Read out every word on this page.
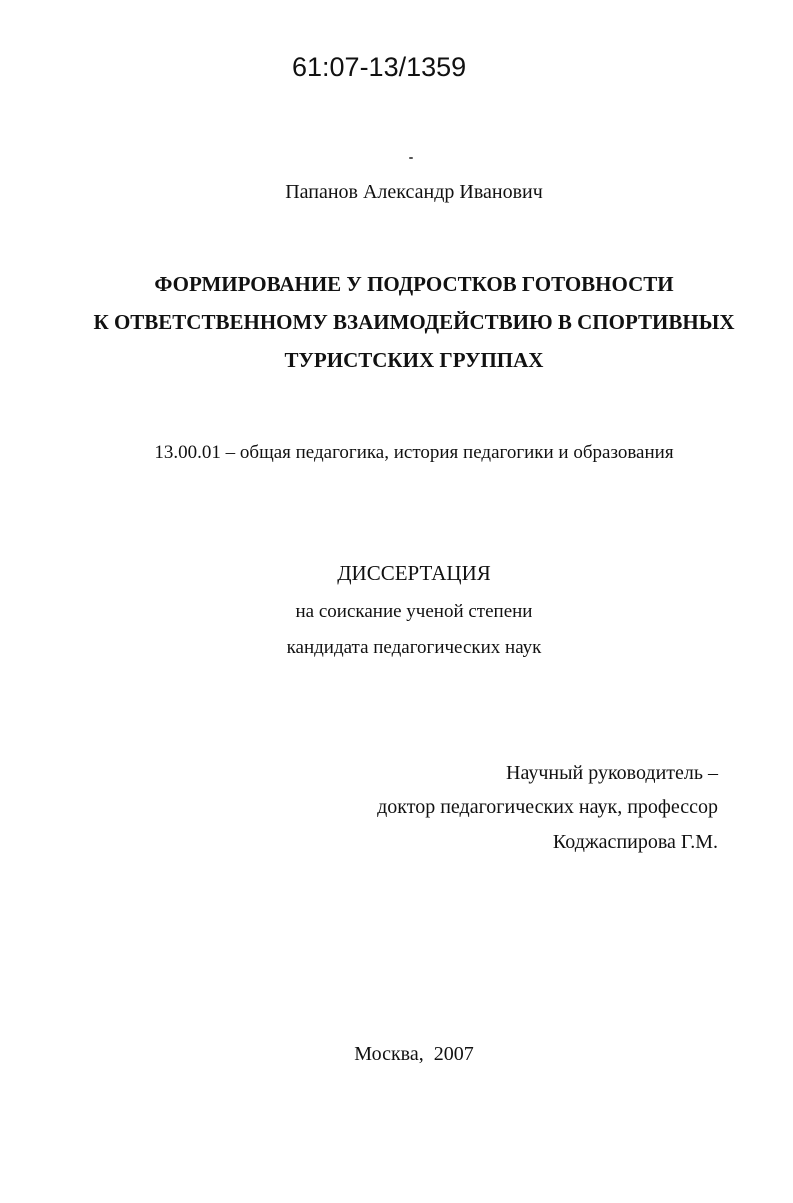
61:07-13/1359
Папанов Александр Иванович
ФОРМИРОВАНИЕ У ПОДРОСТКОВ ГОТОВНОСТИ
К ОТВЕТСТВЕННОМУ ВЗАИМОДЕЙСТВИЮ В СПОРТИВНЫХ
ТУРИСТСКИХ ГРУППАХ
13.00.01 – общая педагогика, история педагогики и образования
ДИССЕРТАЦИЯ
на соискание ученой степени
кандидата педагогических наук
Научный руководитель –
доктор педагогических наук, профессор
Коджаспирова Г.М.
Москва,  2007
